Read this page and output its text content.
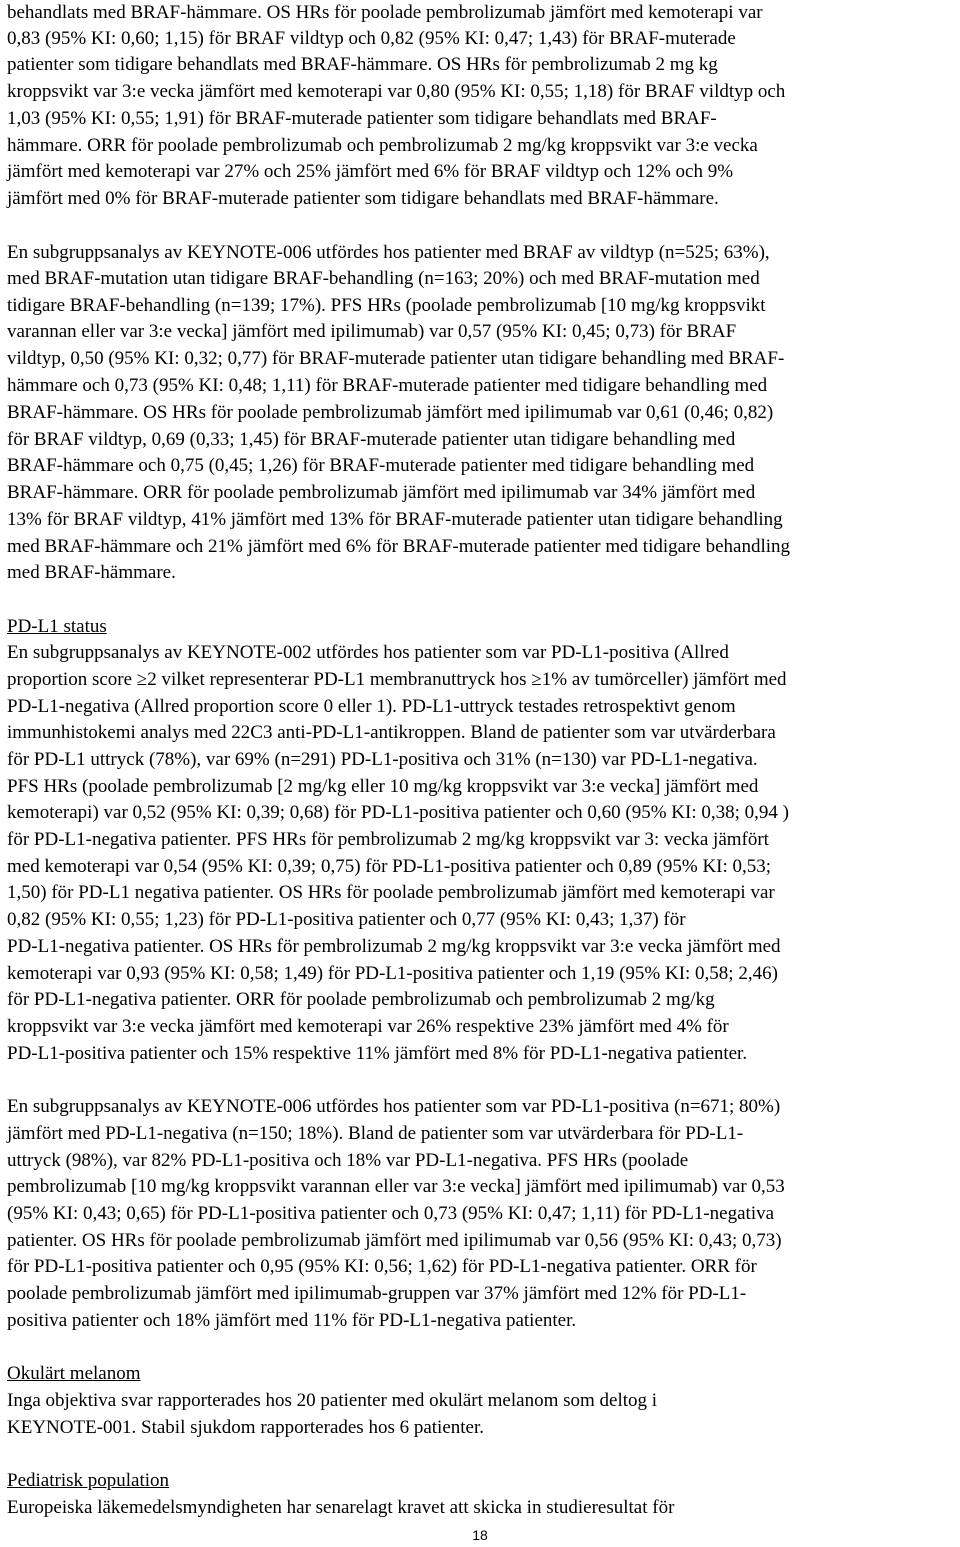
behandlats med BRAF-hämmare. OS HRs för poolade pembrolizumab jämfört med kemoterapi var
0,83 (95% KI: 0,60; 1,15) för BRAF vildtyp och 0,82 (95% KI: 0,47; 1,43) för BRAF-muterade
patienter som tidigare behandlats med BRAF-hämmare. OS HRs för pembrolizumab 2 mg kg
kroppsvikt var 3:e vecka jämfört med kemoterapi var 0,80 (95% KI: 0,55; 1,18) för BRAF vildtyp och
1,03 (95% KI: 0,55; 1,91) för BRAF-muterade patienter som tidigare behandlats med BRAF-
hämmare. ORR för poolade pembrolizumab och pembrolizumab 2 mg/kg kroppsvikt var 3:e vecka
jämfört med kemoterapi var 27% och 25% jämfört med 6% för BRAF vildtyp och 12% och 9%
jämfört med 0% för BRAF-muterade patienter som tidigare behandlats med BRAF-hämmare.
En subgruppsanalys av KEYNOTE-006 utfördes hos patienter med BRAF av vildtyp (n=525; 63%),
med BRAF-mutation utan tidigare BRAF-behandling (n=163; 20%) och med BRAF-mutation med
tidigare BRAF-behandling (n=139; 17%). PFS HRs (poolade pembrolizumab [10 mg/kg kroppsvikt
varannan eller var 3:e vecka] jämfört med ipilimumab) var 0,57 (95% KI: 0,45; 0,73) för BRAF
vildtyp, 0,50 (95% KI: 0,32; 0,77) för BRAF-muterade patienter utan tidigare behandling med BRAF-
hämmare och 0,73 (95% KI: 0,48; 1,11) för BRAF-muterade patienter med tidigare behandling med
BRAF-hämmare. OS HRs för poolade pembrolizumab jämfört med ipilimumab var 0,61 (0,46; 0,82)
för BRAF vildtyp, 0,69 (0,33; 1,45) för BRAF-muterade patienter utan tidigare behandling med
BRAF-hämmare och 0,75 (0,45; 1,26) för BRAF-muterade patienter med tidigare behandling med
BRAF-hämmare. ORR för poolade pembrolizumab jämfört med ipilimumab var 34% jämfört med
13% för BRAF vildtyp, 41% jämfört med 13% för BRAF-muterade patienter utan tidigare behandling
med BRAF-hämmare och 21% jämfört med 6% för BRAF-muterade patienter med tidigare behandling
med BRAF-hämmare.
PD-L1 status
En subgruppsanalys av KEYNOTE-002 utfördes hos patienter som var PD-L1-positiva (Allred
proportion score ≥2 vilket representerar PD-L1 membranuttryck hos ≥1% av tumörceller) jämfört med
PD-L1-negativa (Allred proportion score 0 eller 1). PD-L1-uttryck testades retrospektivt genom
immunhistokemi analys med 22C3 anti-PD-L1-antikroppen. Bland de patienter som var utvärderbara
för PD-L1 uttryck (78%), var 69% (n=291) PD-L1-positiva och 31% (n=130) var PD-L1-negativa.
PFS HRs (poolade pembrolizumab [2 mg/kg eller 10 mg/kg kroppsvikt var 3:e vecka] jämfört med
kemoterapi) var 0,52 (95% KI: 0,39; 0,68) för PD-L1-positiva patienter och 0,60 (95% KI: 0,38; 0,94 )
för PD-L1-negativa patienter. PFS HRs för pembrolizumab 2 mg/kg kroppsvikt var 3: vecka jämfört
med kemoterapi var 0,54 (95% KI: 0,39; 0,75) för PD-L1-positiva patienter och 0,89 (95% KI: 0,53;
1,50) för PD-L1 negativa patienter. OS HRs för poolade pembrolizumab jämfört med kemoterapi var
0,82 (95% KI: 0,55; 1,23) för PD-L1-positiva patienter och 0,77 (95% KI: 0,43; 1,37) för
PD-L1-negativa patienter. OS HRs för pembrolizumab 2 mg/kg kroppsvikt var 3:e vecka jämfört med
kemoterapi var 0,93 (95% KI: 0,58; 1,49) för PD-L1-positiva patienter och 1,19 (95% KI: 0,58; 2,46)
för PD-L1-negativa patienter. ORR för poolade pembrolizumab och pembrolizumab 2 mg/kg
kroppsvikt var 3:e vecka jämfört med kemoterapi var 26% respektive 23% jämfört med 4% för
PD-L1-positiva patienter och 15% respektive 11% jämfört med 8% för PD-L1-negativa patienter.
En subgruppsanalys av KEYNOTE-006 utfördes hos patienter som var PD-L1-positiva (n=671; 80%)
jämfört med PD-L1-negativa (n=150; 18%). Bland de patienter som var utvärderbara för PD-L1-
uttryck (98%), var 82% PD-L1-positiva och 18% var PD-L1-negativa. PFS HRs (poolade
pembrolizumab [10 mg/kg kroppsvikt varannan eller var 3:e vecka] jämfört med ipilimumab) var 0,53
(95% KI: 0,43; 0,65) för PD-L1-positiva patienter och 0,73 (95% KI: 0,47; 1,11) för PD-L1-negativa
patienter. OS HRs för poolade pembrolizumab jämfört med ipilimumab var 0,56 (95% KI: 0,43; 0,73)
för PD-L1-positiva patienter och 0,95 (95% KI: 0,56; 1,62) för PD-L1-negativa patienter. ORR för
poolade pembrolizumab jämfört med ipilimumab-gruppen var 37% jämfört med 12% för PD-L1-
positiva patienter och 18% jämfört med 11% för PD-L1-negativa patienter.
Okulärt melanom
Inga objektiva svar rapporterades hos 20 patienter med okulärt melanom som deltog i
KEYNOTE-001. Stabil sjukdom rapporterades hos 6 patienter.
Pediatrisk population
Europeiska läkemedelsmyndigheten har senarelagt kravet att skicka in studieresultat för
18
